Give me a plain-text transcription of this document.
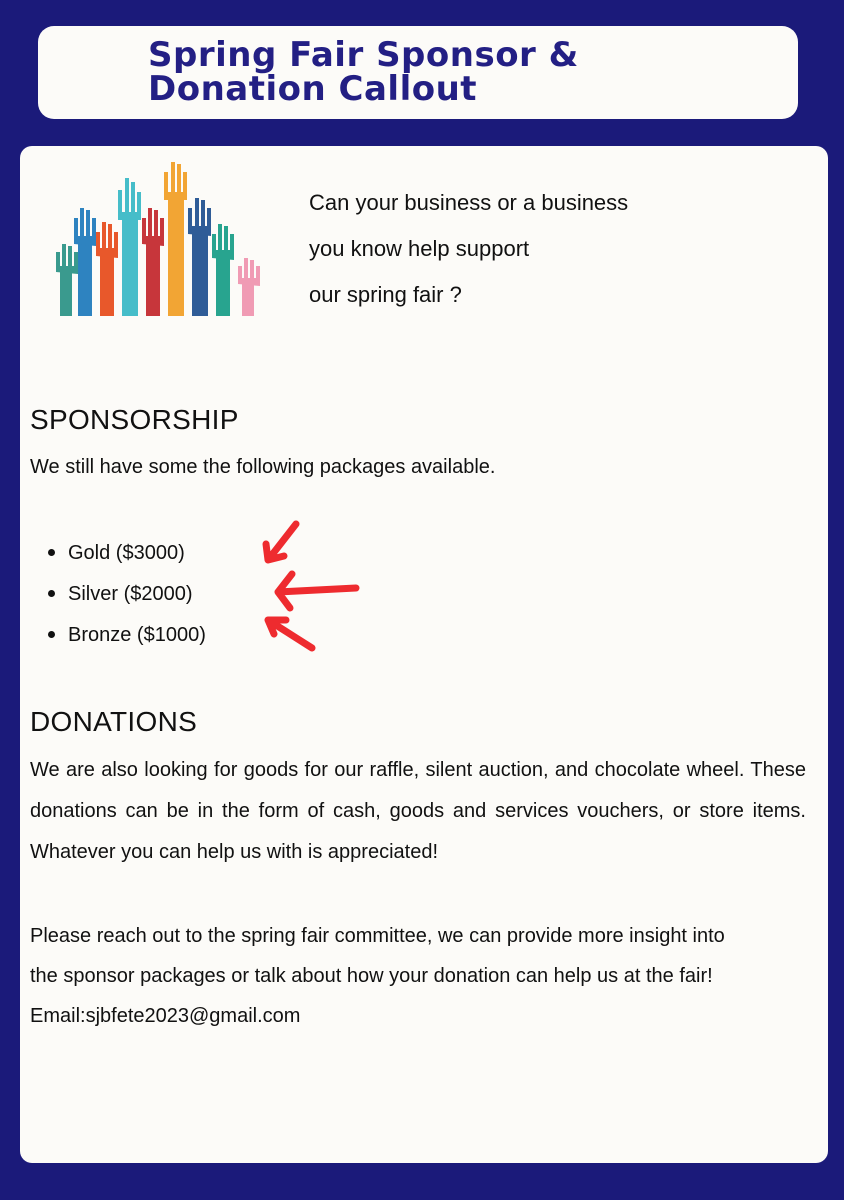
Spring Fair Sponsor & Donation Callout
Can your business or a business
you know help support
our spring fair ?
SPONSORSHIP
We still have some the following packages available.
Gold ($3000)
Silver ($2000)
Bronze ($1000)
DONATIONS
We are also looking for goods for our raffle, silent auction, and chocolate wheel. These donations can be in the form of cash, goods and services vouchers, or store items. Whatever you can help us with is appreciated!
Please reach out to the spring fair committee, we can provide more insight into
the sponsor packages or talk about how your donation can help us at the fair!
Email:sjbfete2023@gmail.com
